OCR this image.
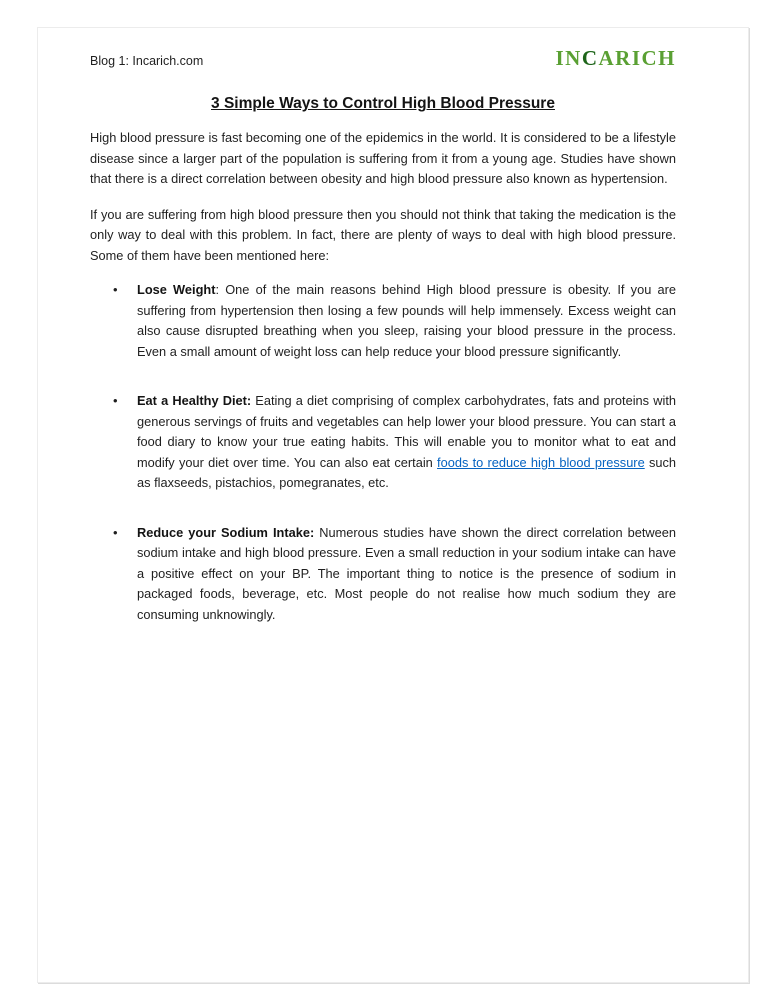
Blog 1: Incarich.com	INCARICH
3 Simple Ways to Control High Blood Pressure

High blood pressure is fast becoming one of the epidemics in the world. It is considered to be a lifestyle disease since a larger part of the population is suffering from it from a young age. Studies have shown that there is a direct correlation between obesity and high blood pressure also known as hypertension.

If you are suffering from high blood pressure then you should not think that taking the medication is the only way to deal with this problem. In fact, there are plenty of ways to deal with high blood pressure. Some of them have been mentioned here:

• Lose Weight: One of the main reasons behind High blood pressure is obesity. If you are suffering from hypertension then losing a few pounds will help immensely. Excess weight can also cause disrupted breathing when you sleep, raising your blood pressure in the process. Even a small amount of weight loss can help reduce your blood pressure significantly.
• Eat a Healthy Diet: Eating a diet comprising of complex carbohydrates, fats and proteins with generous servings of fruits and vegetables can help lower your blood pressure. You can start a food diary to know your true eating habits. This will enable you to monitor what to eat and modify your diet over time. You can also eat certain foods to reduce high blood pressure such as flaxseeds, pistachios, pomegranates, etc.
• Reduce your Sodium Intake: Numerous studies have shown the direct correlation between sodium intake and high blood pressure. Even a small reduction in your sodium intake can have a positive effect on your BP. The important thing to notice is the presence of sodium in packaged foods, beverage, etc. Most people do not realise how much sodium they are consuming unknowingly.
